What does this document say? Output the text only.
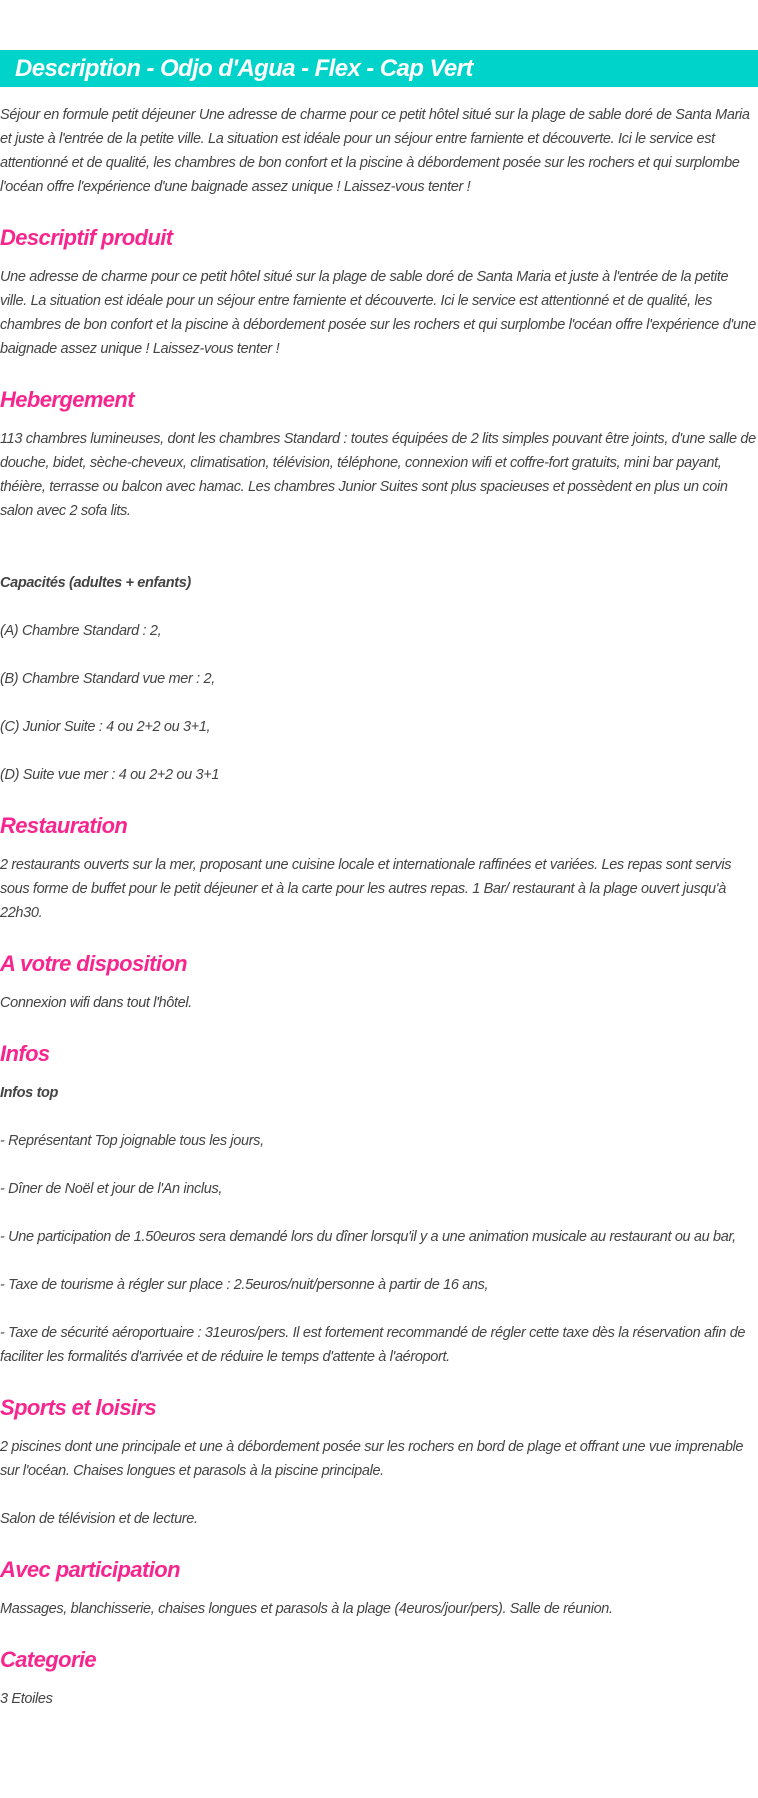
Description - Odjo d'Agua - Flex - Cap Vert

Séjour en formule petit déjeuner Une adresse de charme pour ce petit hôtel situé sur la plage de sable doré de Santa Maria et juste à l'entrée de la petite ville. La situation est idéale pour un séjour entre farniente et découverte. Ici le service est attentionné et de qualité, les chambres de bon confort et la piscine à débordement posée sur les rochers et qui surplombe l'océan offre l'expérience d'une baignade assez unique ! Laissez-vous tenter !

Descriptif produit

Une adresse de charme pour ce petit hôtel situé sur la plage de sable doré de Santa Maria et juste à l'entrée de la petite ville. La situation est idéale pour un séjour entre farniente et découverte. Ici le service est attentionné et de qualité, les chambres de bon confort et la piscine à débordement posée sur les rochers et qui surplombe l'océan offre l'expérience d'une baignade assez unique ! Laissez-vous tenter !

Hebergement

113 chambres lumineuses, dont les chambres Standard : toutes équipées de 2 lits simples pouvant être joints, d'une salle de douche, bidet, sèche-cheveux, climatisation, télévision, téléphone, connexion wifi et coffre-fort gratuits, mini bar payant, théière, terrasse ou balcon avec hamac. Les chambres Junior Suites sont plus spacieuses et possèdent en plus un coin salon avec 2 sofa lits.

Capacités (adultes + enfants)

(A) Chambre Standard : 2,

(B) Chambre Standard vue mer : 2,

(C) Junior Suite : 4 ou 2+2 ou 3+1,

(D) Suite vue mer : 4 ou 2+2 ou 3+1

Restauration

2 restaurants ouverts sur la mer, proposant une cuisine locale et internationale raffinées et variées. Les repas sont servis sous forme de buffet pour le petit déjeuner et à la carte pour les autres repas. 1 Bar/ restaurant à la plage ouvert jusqu'à 22h30.

A votre disposition

Connexion wifi dans tout l'hôtel.

Infos

Infos top

- Représentant Top joignable tous les jours,

- Dîner de Noël et jour de l'An inclus,

- Une participation de 1.50euros sera demandé lors du dîner lorsqu'il y a une animation musicale au restaurant ou au bar,

- Taxe de tourisme à régler sur place : 2.5euros/nuit/personne à partir de 16 ans,

- Taxe de sécurité aéroportuaire : 31euros/pers. Il est fortement recommandé de régler cette taxe dès la réservation afin de faciliter les formalités d'arrivée et de réduire le temps d'attente à l'aéroport.

Sports et loisirs

2 piscines dont une principale et une à débordement posée sur les rochers en bord de plage et offrant une vue imprenable sur l'océan. Chaises longues et parasols à la piscine principale.

Salon de télévision et de lecture.

Avec participation

Massages, blanchisserie, chaises longues et parasols à la plage (4euros/jour/pers). Salle de réunion.

Categorie

3 Etoiles
